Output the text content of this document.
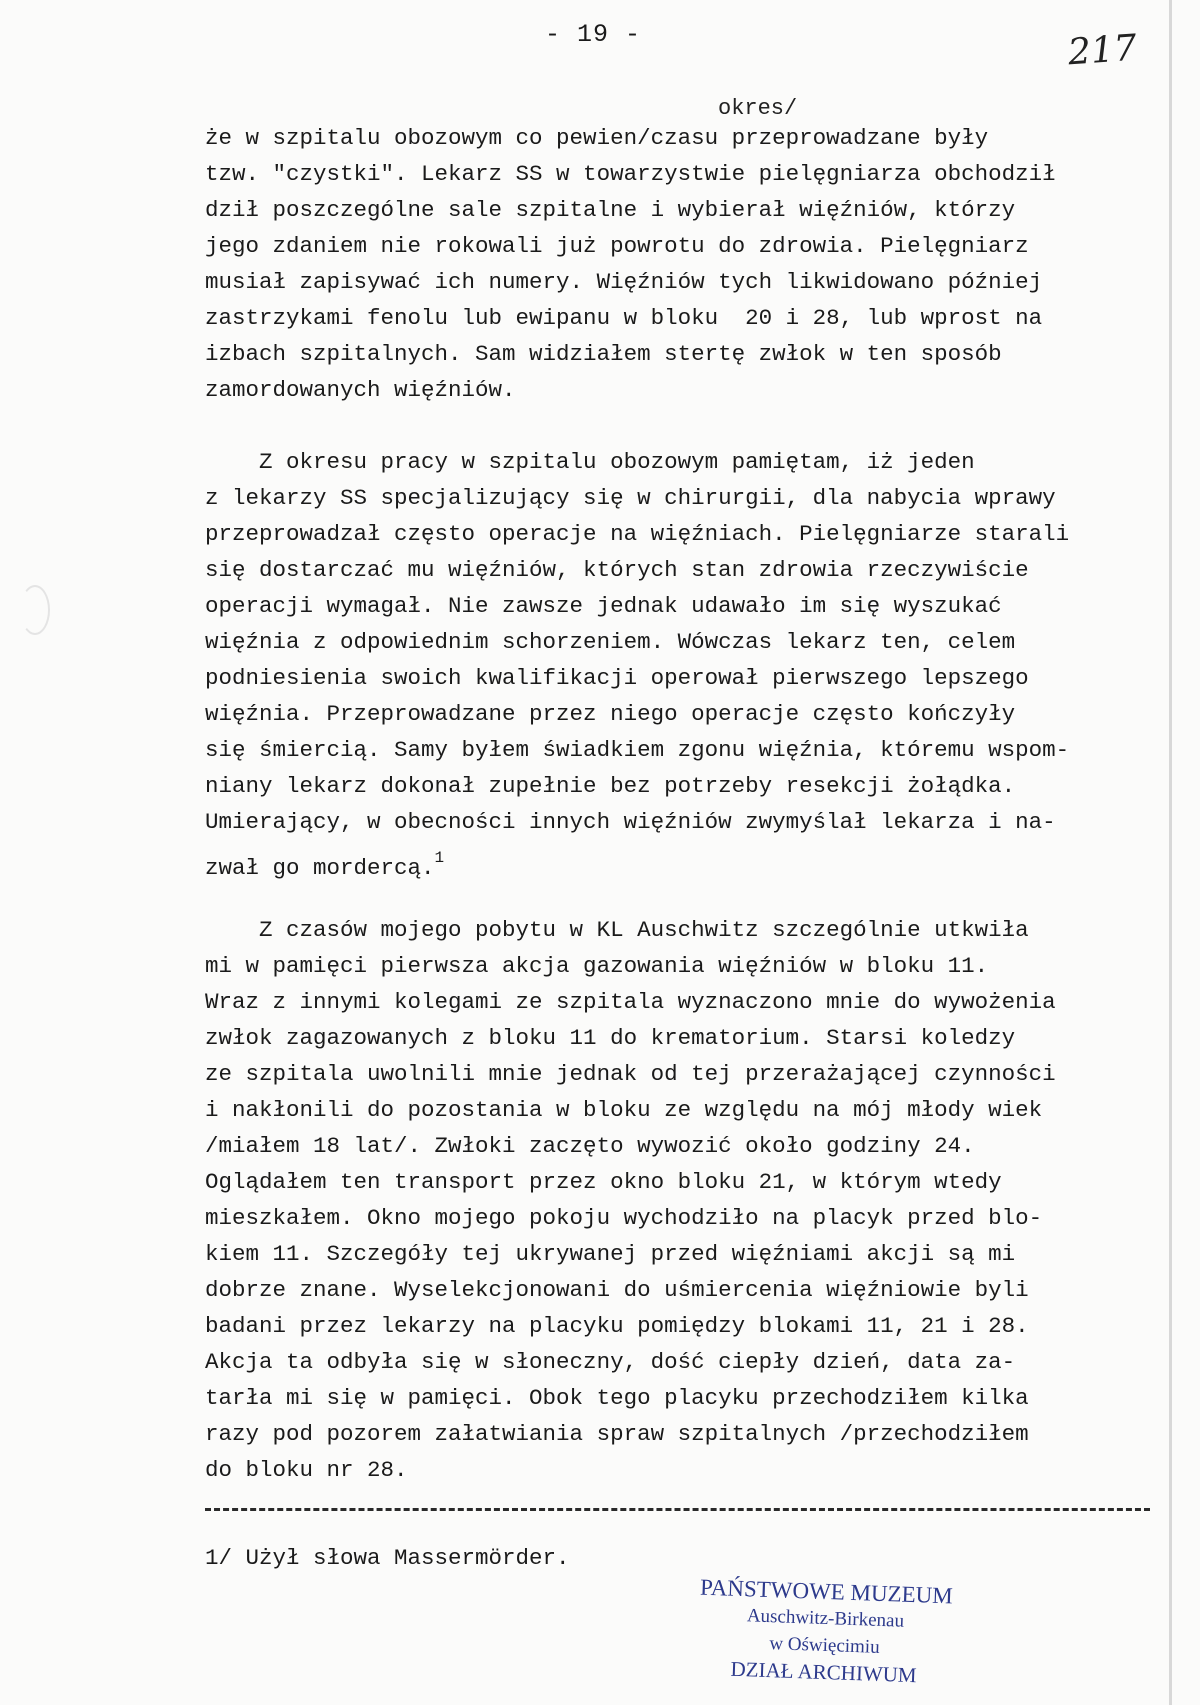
- 19 -	217
okres/
że w szpitalu obozowym co pewien/czasu przeprowadzane były
tzw. "czystki". Lekarz SS w towarzystwie pielęgniarza obchodził
dził poszczególne sale szpitalne i wybierał więźniów, którzy
jego zdaniem nie rokowali już powrotu do zdrowia. Pielęgniarz
musiał zapisywać ich numery. Więźniów tych likwidowano później
zastrzykami fenolu lub ewipanu w bloku  20 i 28, lub wprost na
izbach szpitalnych. Sam widziałem stertę zwłok w ten sposób
zamordowanych więźniów.
Z okresu pracy w szpitalu obozowym pamiętam, iż jeden
z lekarzy SS specjalizujący się w chirurgii, dla nabycia wprawy
przeprowadzał często operacje na więźniach. Pielęgniarze starali
się dostarczać mu więźniów, których stan zdrowia rzeczywiście
operacji wymagał. Nie zawsze jednak udawało im się wyszukać
więźnia z odpowiednim schorzeniem. Wówczas lekarz ten, celem
podniesienia swoich kwalifikacji operował pierwszego lepszego
więźnia. Przeprowadzane przez niego operacje często kończyły
się śmiercią. Samy byłem świadkiem zgonu więźnia, któremu wspom-
niany lekarz dokonał zupełnie bez potrzeby resekcji żołądka.
Umierający, w obecności innych więźniów zwymyślał lekarza i na-
zwał go mordercą.$^1$
Z czasów mojego pobytu w KL Auschwitz szczególnie utkwiła
mi w pamięci pierwsza akcja gazowania więźniów w bloku 11.
Wraz z innymi kolegami ze szpitala wyznaczono mnie do wywożenia
zwłok zagazowanych z bloku 11 do krematorium. Starsi koledzy
ze szpitala uwolnili mnie jednak od tej przerażającej czynności
i nakłonili do pozostania w bloku ze względu na mój młody wiek
/miałem 18 lat/. Zwłoki zaczęto wywozić około godziny 24.
Oglądałem ten transport przez okno bloku 21, w którym wtedy
mieszkałem. Okno mojego pokoju wychodziło na placyk przed blo-
kiem 11. Szczegóły tej ukrywanej przed więźniami akcji są mi
dobrze znane. Wyselekcjonowani do uśmiercenia więźniowie byli
badani przez lekarzy na placyku pomiędzy blokami 11, 21 i 28.
Akcja ta odbyła się w słoneczny, dość ciepły dzień, data za-
tarła mi się w pamięci. Obok tego placyku przechodziłem kilka
razy pod pozorem załatwiania spraw szpitalnych /przechodziłem
do bloku nr 28.
1/ Użył słowa Massermörder.
PAŃSTWOWE MUZEUM
Auschwitz-Birkenau
w Oświęcimiu
DZIAŁ ARCHIWUM
